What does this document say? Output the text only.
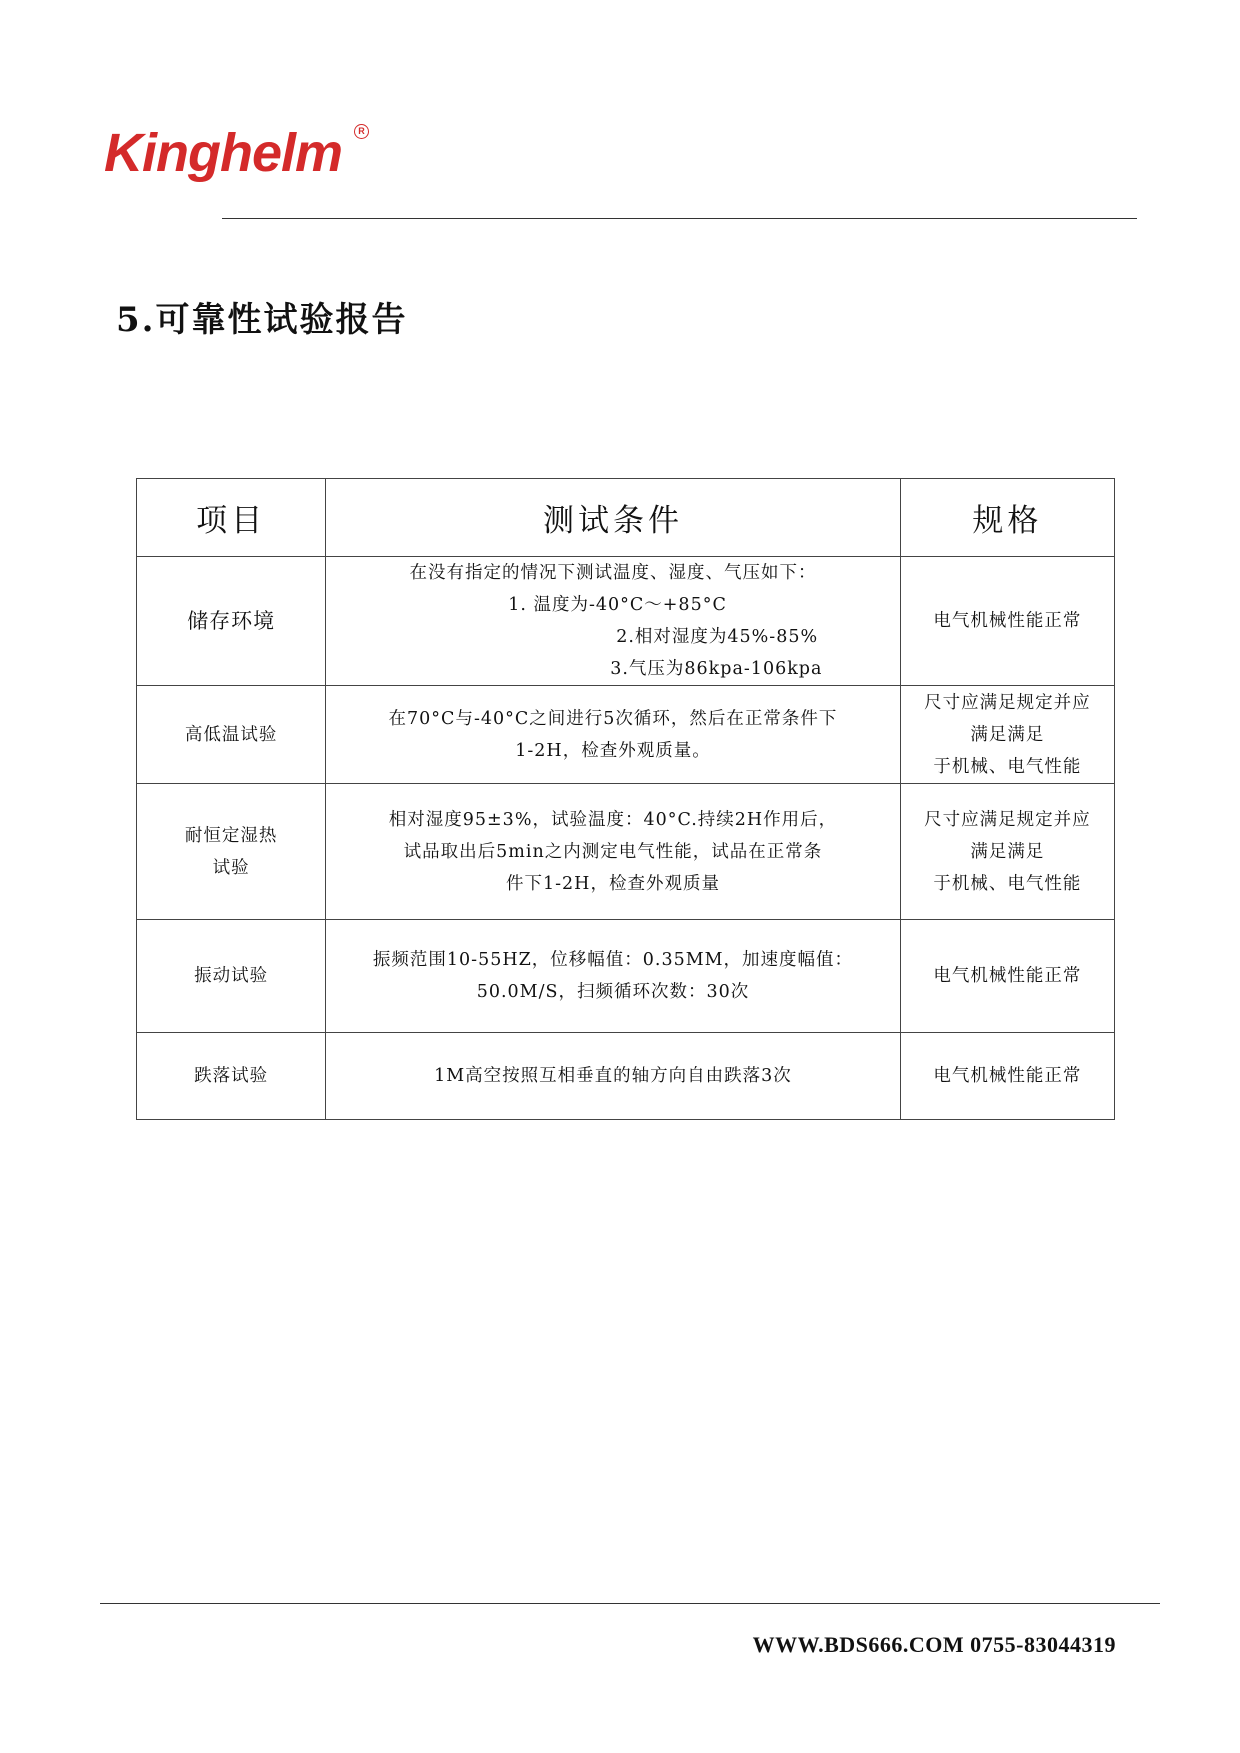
Kinghelm	R
5.可靠性试验报告
项目	测试条件	规格

储存环境	在没有指定的情况下测试温度、湿度、气压如下：
1. 温度为-40°C～+85°C
2.相对湿度为45%-85%
3.气压为86kpa-106kpa	电气机械性能正常

高低温试验	在70°C与-40°C之间进行5次循环，然后在正常条件下
1-2H，检查外观质量。	尺寸应满足规定并应
满足满足
于机械、电气性能

耐恒定湿热
试验	相对湿度95±3%，试验温度：40°C.持续2H作用后，
试品取出后5min之内测定电气性能，试品在正常条
件下1-2H，检查外观质量	尺寸应满足规定并应
满足满足
于机械、电气性能

振动试验	振频范围10-55HZ，位移幅值：0.35MM，加速度幅值：
50.0M/S，扫频循环次数：30次	电气机械性能正常

跌落试验	1M高空按照互相垂直的轴方向自由跌落3次	电气机械性能正常
WWW.BDS666.COM 0755-83044319
